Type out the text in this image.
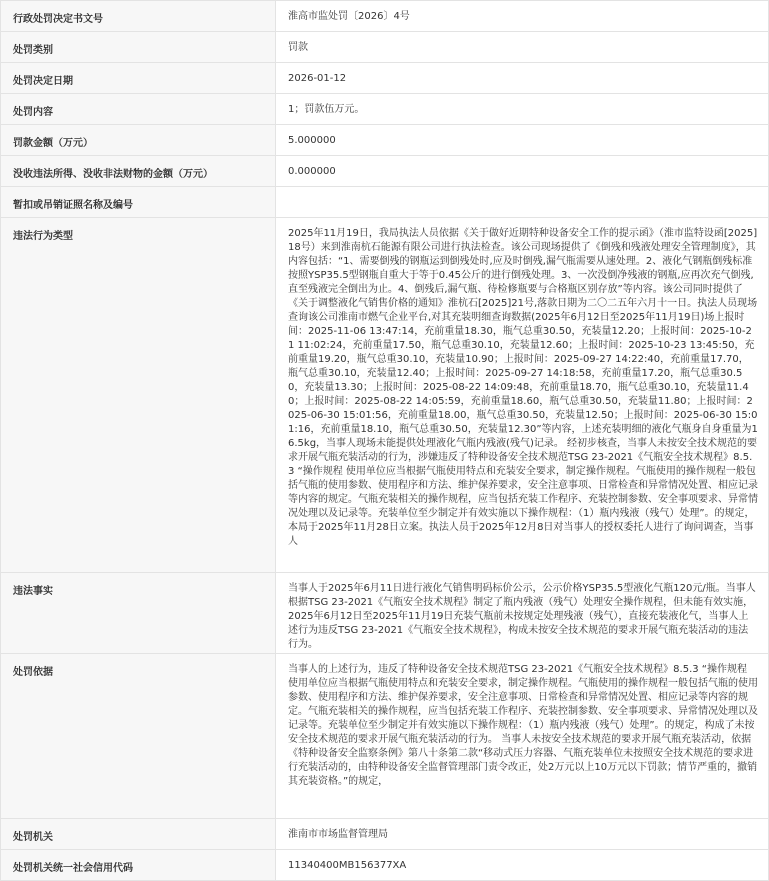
行政处罚决定书文号	淮高市监处罚〔2026〕4号
处罚类别	罚款
处罚决定日期	2026-01-12
处罚内容	1；罚款伍万元。
罚款金额（万元）	5.000000
没收违法所得、没收非法财物的金额（万元）	0.000000
暂扣或吊销证照名称及编号	
违法行为类型	2025年11月19日，我局执法人员依据《关于做好近期特种设备安全工作的提示函》（淮市监特设函[2025]18号）来到淮南杭石能源有限公司进行执法检查。该公司现场提供了《倒残和残液处理安全管理制度》，其内容包括：“1、需要倒残的钢瓶运到倒残处时,应及时倒残,漏气瓶需要从速处理。2、液化气钢瓶倒残标准按照YSP35.5型钢瓶自重大于等于0.45公斤的进行倒残处理。3、一次没倒净残液的钢瓶,应再次充气倒残,直至残液完全倒出为止。4、倒残后,漏气瓶、待检修瓶要与合格瓶区别存放”等内容。该公司同时提供了《关于调整液化气销售价格的通知》淮杭石[2025]21号,落款日期为二〇二五年六月十一日。执法人员现场查询该公司淮南市燃气企业平台,对其充装明细查询数据(2025年6月12日至2025年11月19日)场上报时间：2025-11-06 13:47:14，充前重量18.30，瓶气总重30.50，充装量12.20；上报时间：2025-10-21 11:02:24，充前重量17.50，瓶气总重30.10，充装量12.60；上报时间：2025-10-23 13:45:50，充前重量19.20，瓶气总重30.10，充装量10.90；上报时间：2025-09-27 14:22:40，充前重量17.70，瓶气总重30.10，充装量12.40；上报时间：2025-09-27 14:18:58，充前重量17.20，瓶气总重30.50，充装量13.30；上报时间：2025-08-22 14:09:48，充前重量18.70，瓶气总重30.10，充装量11.40；上报时间：2025-08-22 14:05:59，充前重量18.60，瓶气总重30.50，充装量11.80；上报时间：2025-06-30 15:01:56，充前重量18.00，瓶气总重30.50，充装量12.50；上报时间：2025-06-30 15:01:16，充前重量18.10，瓶气总重30.50，充装量12.30”等内容，上述充装明细的液化气瓶身自身重量为16.5kg，当事人现场未能提供处理液化气瓶内残液(残气)记录。 经初步核查，当事人未按安全技术规范的要求开展气瓶充装活动的行为，涉嫌违反了特种设备安全技术规范TSG 23-2021《气瓶安全技术规程》8.5.3 “操作规程 使用单位应当根据气瓶使用特点和充装安全要求，制定操作规程。气瓶使用的操作规程一般包括气瓶的使用参数、使用程序和方法、维护保养要求，安全注意事项、日常检查和异常情况处置、相应记录等内容的规定。气瓶充装相关的操作规程，应当包括充装工作程序、充装控制参数、安全事项要求、异常情况处理以及记录等。充装单位至少制定并有效实施以下操作规程：（1）瓶内残液（残气）处理”。的规定，本局于2025年11月28日立案。执法人员于2025年12月8日对当事人的授权委托人进行了询问调查，当事人
违法事实	当事人于2025年6月11日进行液化气销售明码标价公示，公示价格YSP35.5型液化气瓶120元/瓶。当事人根据TSG 23-2021《气瓶安全技术规程》制定了瓶内残液（残气）处理安全操作规程，但未能有效实施，2025年6月12日至2025年11月19日充装气瓶前未按规定处理残液（残气），直接充装液化气，当事人上述行为违反TSG 23-2021《气瓶安全技术规程》，构成未按安全技术规范的要求开展气瓶充装活动的违法行为。
处罚依据	当事人的上述行为，违反了特种设备安全技术规范TSG 23-2021《气瓶安全技术规程》8.5.3 “操作规程 使用单位应当根据气瓶使用特点和充装安全要求，制定操作规程。气瓶使用的操作规程一般包括气瓶的使用参数、使用程序和方法、维护保养要求，安全注意事项、日常检查和异常情况处置、相应记录等内容的规定。气瓶充装相关的操作规程，应当包括充装工作程序、充装控制参数、安全事项要求、异常情况处理以及记录等。充装单位至少制定并有效实施以下操作规程：（1）瓶内残液（残气）处理”。的规定，构成了未按安全技术规范的要求开展气瓶充装活动的行为。 当事人未按安全技术规范的要求开展气瓶充装活动，依据《特种设备安全监察条例》第八十条第二款“移动式压力容器、气瓶充装单位未按照安全技术规范的要求进行充装活动的，由特种设备安全监督管理部门责令改正，处2万元以上10万元以下罚款；情节严重的，撤销其充装资格。”的规定，
处罚机关	淮南市市场监督管理局
处罚机关统一社会信用代码	11340400MB156377XA
